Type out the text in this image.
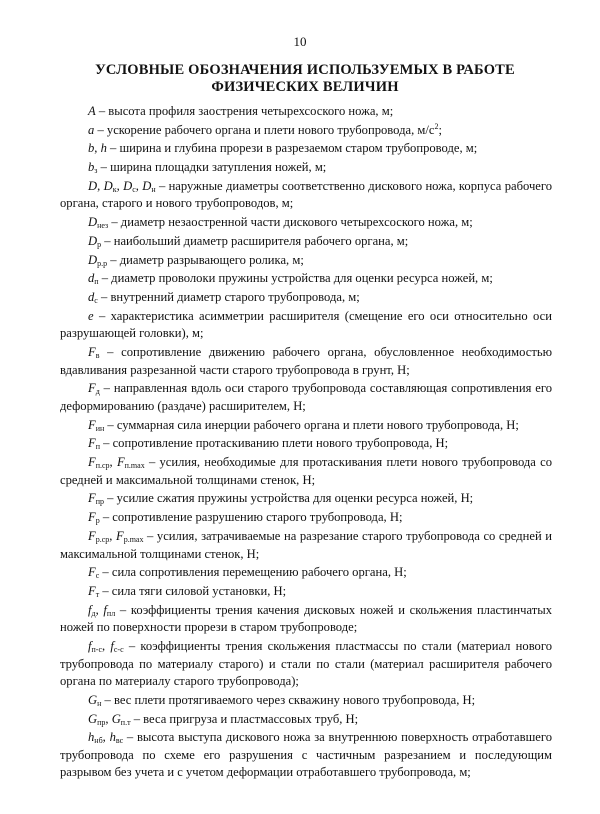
10
УСЛОВНЫЕ ОБОЗНАЧЕНИЯ ИСПОЛЬЗУЕМЫХ В РАБОТЕ
ФИЗИЧЕСКИХ ВЕЛИЧИН

A – высота профиля заострения четырехсоского ножа, м;

a – ускорение рабочего органа и плети нового трубопровода, $м/с^2$;

b, h – ширина и глубина прорези в разрезаемом старом трубопроводе, м;

$b_з$ – ширина площадки затупления ножей, м;

D, $D_к$, $D_с$, $D_н$ – наружные диаметры соответственно дискового ножа, корпуса рабочего органа, старого и нового трубопроводов, м;

$D_{нез}$ – диаметр незаостренной части дискового четырехсоского ножа, м;

$D_р$ – наибольший диаметр расширителя рабочего органа, м;

$D_{р.р}$ – диаметр разрывающего ролика, м;

$d_п$ – диаметр проволоки пружины устройства для оценки ресурса ножей, м;

$d_с$ – внутренний диаметр старого трубопровода, м;

e – характеристика асимметрии расширителя (смещение его оси относительно оси разрушающей головки), м;

$F_в$ – сопротивление движению рабочего органа, обусловленное необходимостью вдавливания разрезанной части старого трубопровода в грунт, Н;

$F_д$ – направленная вдоль оси старого трубопровода составляющая сопротивления его деформированию (раздаче) расширителем, Н;

$F_{ин}$ – суммарная сила инерции рабочего органа и плети нового трубопровода, Н;

$F_п$ – сопротивление протаскиванию плети нового трубопровода, Н;

$F_{п.ср}$, $F_{п.max}$ – усилия, необходимые для протаскивания плети нового трубопровода со средней и максимальной толщинами стенок, Н;

$F_{пр}$ – усилие сжатия пружины устройства для оценки ресурса ножей, Н;

$F_р$ – сопротивление разрушению старого трубопровода, Н;

$F_{р.ср}$, $F_{р.max}$ – усилия, затрачиваемые на разрезание старого трубопровода со средней и максимальной толщинами стенок, Н;

$F_с$ – сила сопротивления перемещению рабочего органа, Н;

$F_т$ – сила тяги силовой установки, Н;

$f_д$, $f_{пл}$ – коэффициенты трения качения дисковых ножей и скольжения пластинчатых ножей по поверхности прорези в старом трубопроводе;

$f_{п-с}$, $f_{с-с}$ – коэффициенты трения скольжения пластмассы по стали (материал нового трубопровода по материалу старого) и стали по стали (материал расширителя рабочего органа по материалу старого трубопровода);

$G_н$ – вес плети протягиваемого через скважину нового трубопровода, Н;

$G_{пр}$, $G_{п.т}$ – веса пригруза и пластмассовых труб, Н;

$h_{нб}$, $h_{вс}$ – высота выступа дискового ножа за внутреннюю поверхность отработавшего трубопровода по схеме его разрушения с частичным разрезанием и последующим разрывом без учета и с учетом деформации отработавшего трубопровода, м;
